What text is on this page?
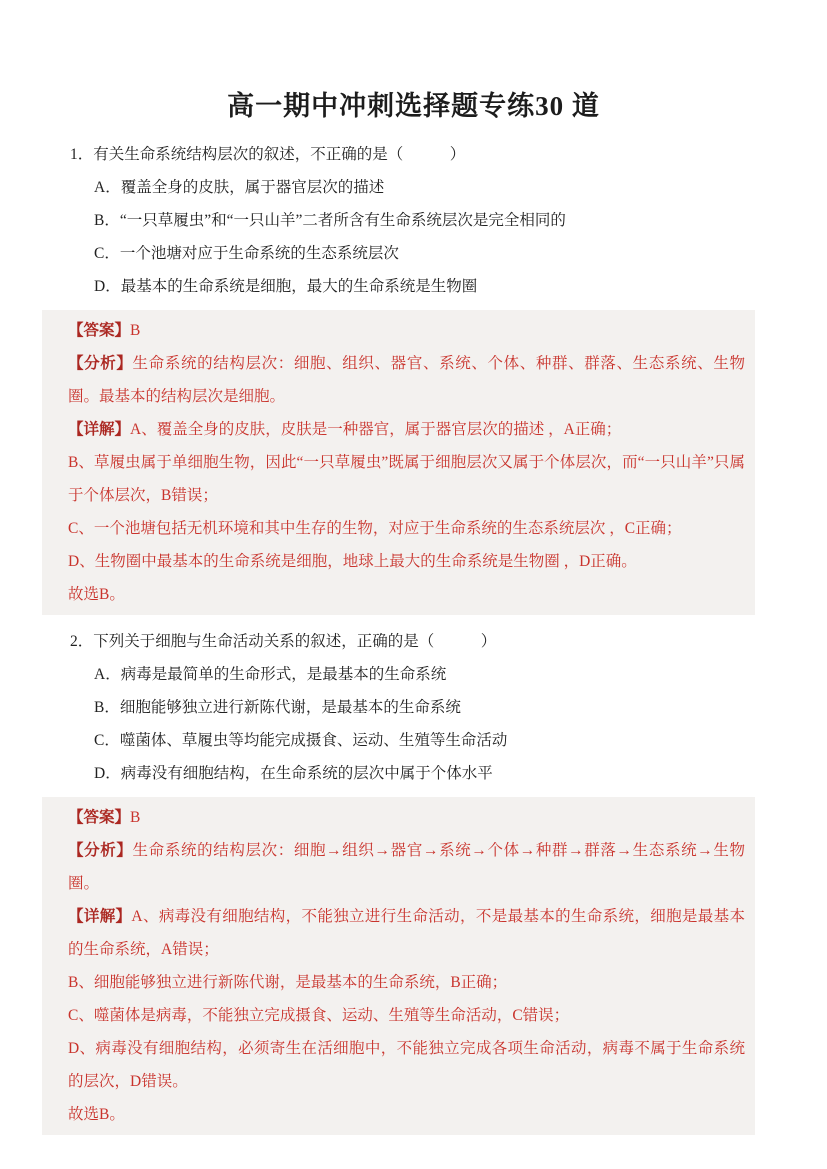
高一期中冲刺选择题专练30 道

1．有关生命系统结构层次的叙述，不正确的是（　　　）

A．覆盖全身的皮肤，属于器官层次的描述

B．“一只草履虫”和“一只山羊”二者所含有生命系统层次是完全相同的

C．一个池塘对应于生命系统的生态系统层次

D．最基本的生命系统是细胞，最大的生命系统是生物圈

【答案】B

【分析】生命系统的结构层次：细胞、组织、器官、系统、个体、种群、群落、生态系统、生物圈。最基本的结构层次是细胞。

【详解】A、覆盖全身的皮肤，皮肤是一种器官，属于器官层次的描述 ，A正确；

B、草履虫属于单细胞生物，因此“一只草履虫”既属于细胞层次又属于个体层次，而“一只山羊”只属于个体层次，B错误；

C、一个池塘包括无机环境和其中生存的生物，对应于生命系统的生态系统层次 ，C正确；

D、生物圈中最基本的生命系统是细胞，地球上最大的生命系统是生物圈 ，D正确。

故选B。

2．下列关于细胞与生命活动关系的叙述，正确的是（　　　）

A．病毒是最简单的生命形式，是最基本的生命系统

B．细胞能够独立进行新陈代谢，是最基本的生命系统

C．噬菌体、草履虫等均能完成摄食、运动、生殖等生命活动

D．病毒没有细胞结构，在生命系统的层次中属于个体水平

【答案】B

【分析】生命系统的结构层次：细胞→组织→器官→系统→个体→种群→群落→生态系统→生物圈。

【详解】A、病毒没有细胞结构，不能独立进行生命活动，不是最基本的生命系统，细胞是最基本的生命系统，A错误；

B、细胞能够独立进行新陈代谢，是最基本的生命系统，B正确；

C、噬菌体是病毒，不能独立完成摄食、运动、生殖等生命活动，C错误；

D、病毒没有细胞结构，必须寄生在活细胞中，不能独立完成各项生命活动，病毒不属于生命系统的层次，D错误。

故选B。
